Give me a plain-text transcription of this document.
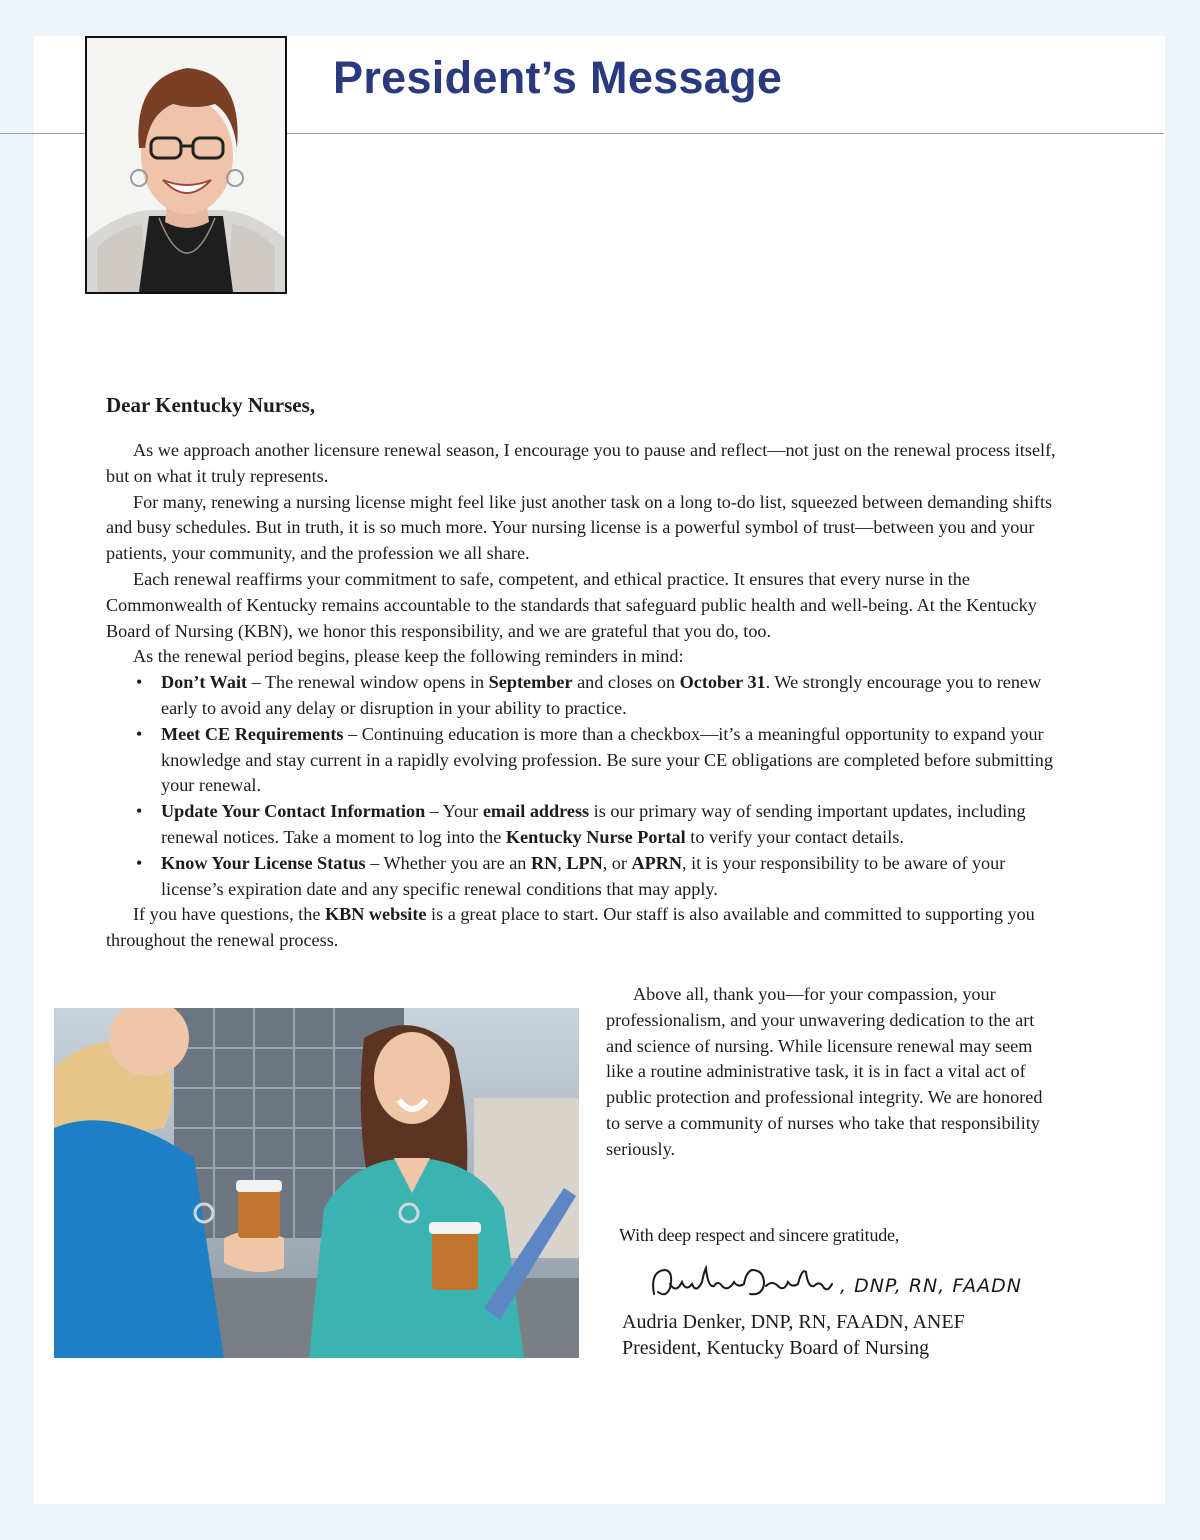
President’s Message
Dear Kentucky Nurses,

As we approach another licensure renewal season, I encourage you to pause and reflect—not just on the renewal process itself, but on what it truly represents.

For many, renewing a nursing license might feel like just another task on a long to-do list, squeezed between demanding shifts and busy schedules. But in truth, it is so much more. Your nursing license is a powerful symbol of trust—between you and your patients, your community, and the profession we all share.

Each renewal reaffirms your commitment to safe, competent, and ethical practice. It ensures that every nurse in the Commonwealth of Kentucky remains accountable to the standards that safeguard public health and well-being. At the Kentucky Board of Nursing (KBN), we honor this responsibility, and we are grateful that you do, too.

As the renewal period begins, please keep the following reminders in mind:

• Don’t Wait – The renewal window opens in September and closes on October 31. We strongly encourage you to renew early to avoid any delay or disruption in your ability to practice.
• Meet CE Requirements – Continuing education is more than a checkbox—it’s a meaningful opportunity to expand your knowledge and stay current in a rapidly evolving profession. Be sure your CE obligations are completed before submitting your renewal.
• Update Your Contact Information – Your email address is our primary way of sending important updates, including renewal notices. Take a moment to log into the Kentucky Nurse Portal to verify your contact details.
• Know Your License Status – Whether you are an RN, LPN, or APRN, it is your responsibility to be aware of your license’s expiration date and any specific renewal conditions that may apply.

If you have questions, the KBN website is a great place to start. Our staff is also available and committed to supporting you throughout the renewal process.

Above all, thank you—for your compassion, your professionalism, and your unwavering dedication to the art and science of nursing. While licensure renewal may seem like a routine administrative task, it is in fact a vital act of public protection and professional integrity. We are honored to serve a community of nurses who take that responsibility seriously.

With deep respect and sincere gratitude,

, DNP, RN, FAADN
Audria Denker, DNP, RN, FAADN, ANEF
President, Kentucky Board of Nursing
